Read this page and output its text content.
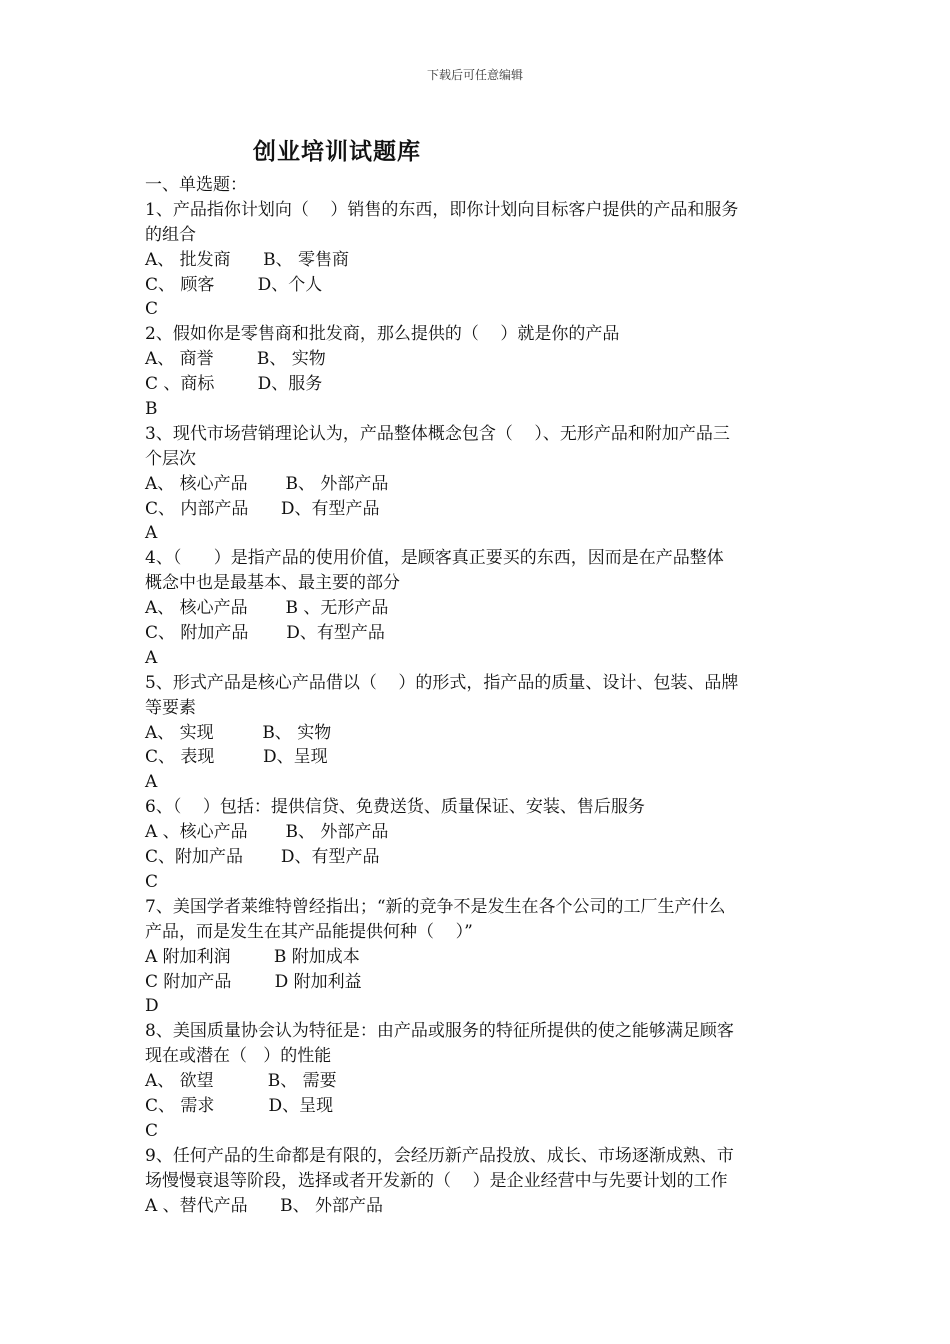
下载后可任意编辑
创业培训试题库
一、单选题：
1、产品指你计划向（    ）销售的东西，即你计划向目标客户提供的产品和服务
的组合
A、 批发商      B、 零售商
C、 顾客        D、个人
C
2、假如你是零售商和批发商，那么提供的（    ）就是你的产品
A、 商誉        B、 实物
C 、商标        D、服务
B
3、现代市场营销理论认为，产品整体概念包含（    ）、无形产品和附加产品三
个层次
A、 核心产品       B、 外部产品
C、 内部产品      D、有型产品
A
4、（      ）是指产品的使用价值，是顾客真正要买的东西，因而是在产品整体
概念中也是最基本、最主要的部分
A、 核心产品       B 、无形产品
C、 附加产品       D、有型产品
A
5、形式产品是核心产品借以（    ）的形式，指产品的质量、设计、包装、品牌
等要素
A、 实现         B、 实物
C、 表现         D、呈现
A
6、（    ）包括：提供信贷、免费送货、质量保证、安装、售后服务
A 、核心产品       B、 外部产品
C、附加产品       D、有型产品
C
7、美国学者莱维特曾经指出；“新的竞争不是发生在各个公司的工厂生产什么
产品，而是发生在其产品能提供何种（    ）”
A 附加利润        B 附加成本
C 附加产品        D 附加利益
D
8、美国质量协会认为特征是：由产品或服务的特征所提供的使之能够满足顾客
现在或潜在（   ）的性能
A、 欲望          B、 需要
C、 需求          D、呈现
C
9、任何产品的生命都是有限的，会经历新产品投放、成长、市场逐渐成熟、市
场慢慢衰退等阶段，选择或者开发新的（    ）是企业经营中与先要计划的工作
A 、替代产品      B、 外部产品
